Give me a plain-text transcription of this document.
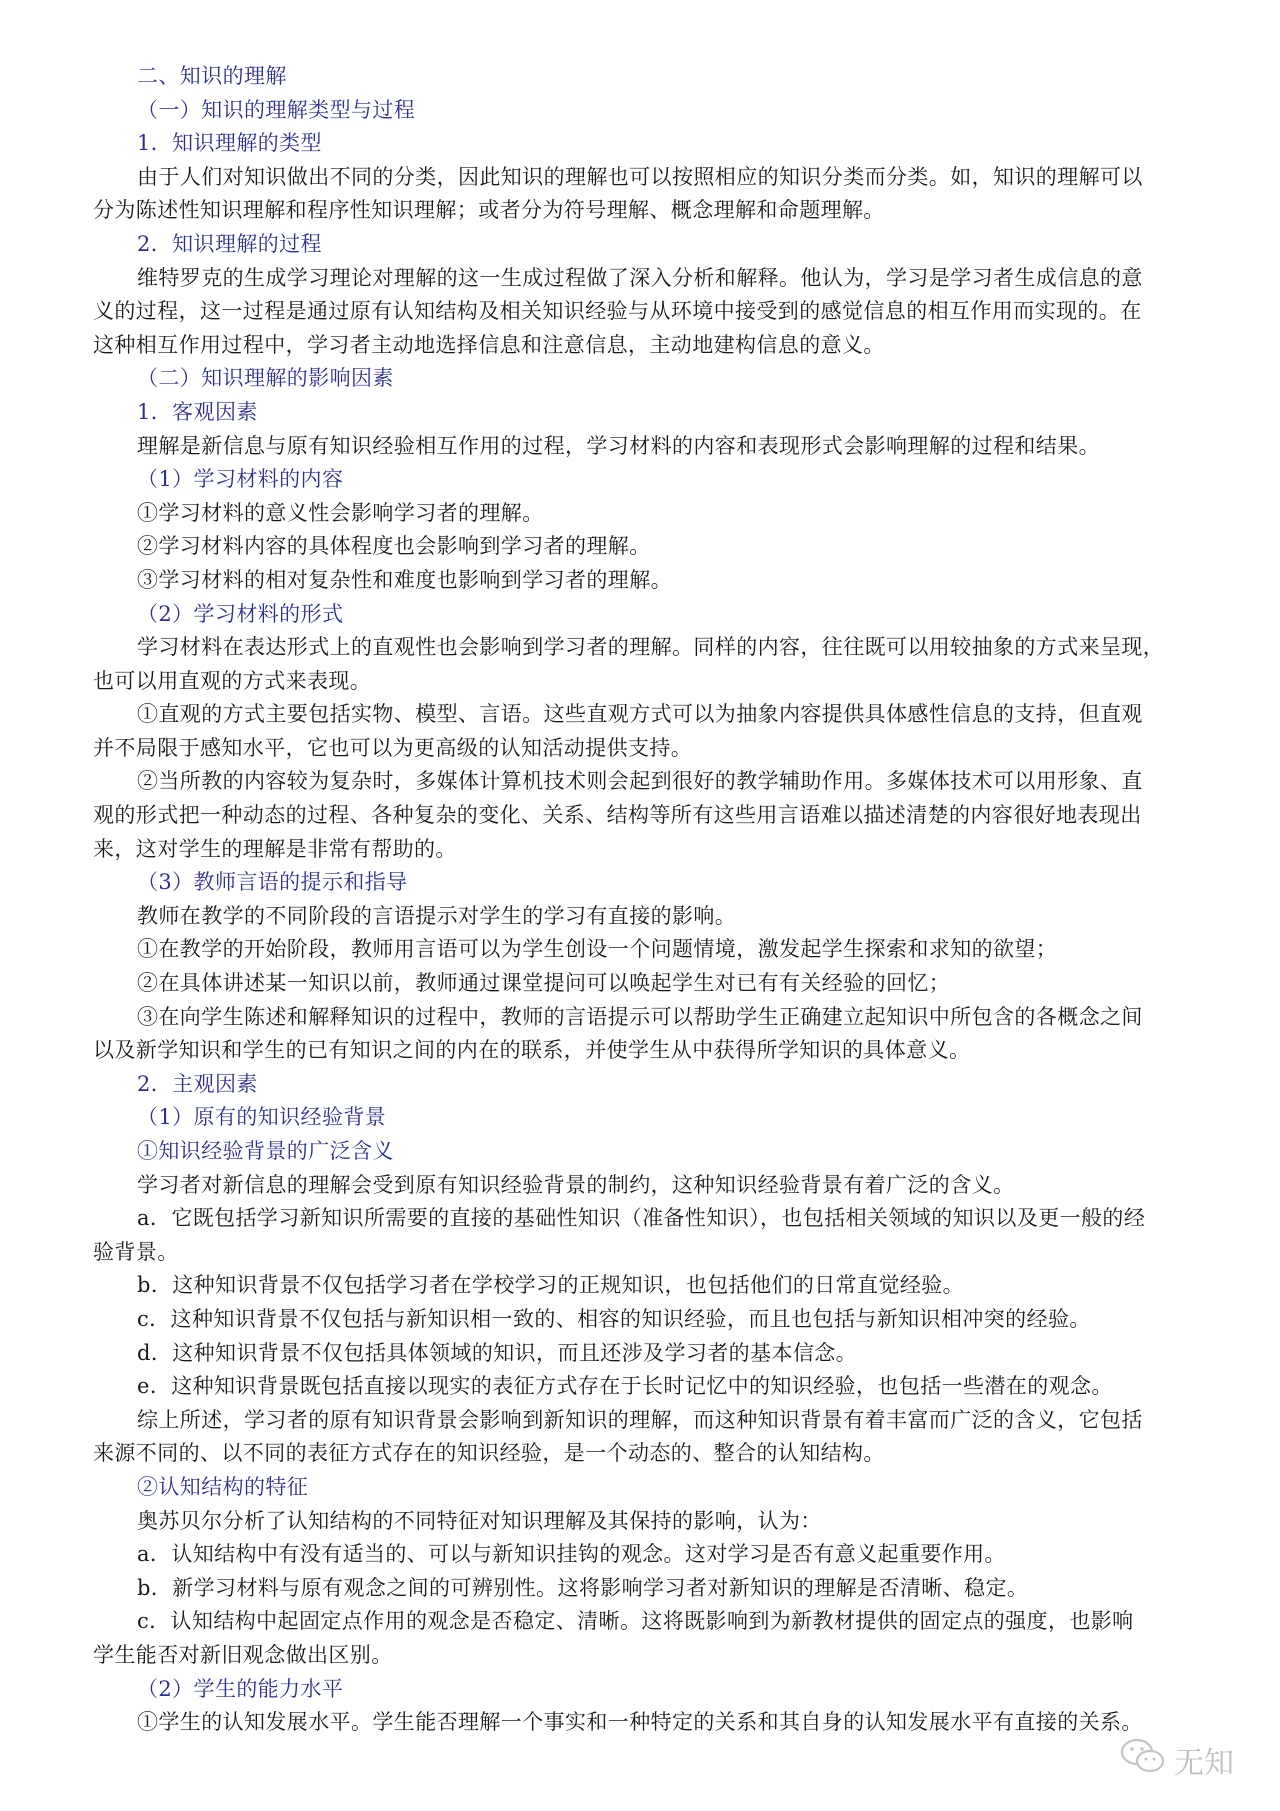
二、知识的理解
（一）知识的理解类型与过程
1．知识理解的类型
由于人们对知识做出不同的分类，因此知识的理解也可以按照相应的知识分类而分类。如，知识的理解可以
分为陈述性知识理解和程序性知识理解；或者分为符号理解、概念理解和命题理解。
2．知识理解的过程
维特罗克的生成学习理论对理解的这一生成过程做了深入分析和解释。他认为，学习是学习者生成信息的意
义的过程，这一过程是通过原有认知结构及相关知识经验与从环境中接受到的感觉信息的相互作用而实现的。在
这种相互作用过程中，学习者主动地选择信息和注意信息，主动地建构信息的意义。
（二）知识理解的影响因素
1．客观因素
理解是新信息与原有知识经验相互作用的过程，学习材料的内容和表现形式会影响理解的过程和结果。
（1）学习材料的内容
①学习材料的意义性会影响学习者的理解。
②学习材料内容的具体程度也会影响到学习者的理解。
③学习材料的相对复杂性和难度也影响到学习者的理解。
（2）学习材料的形式
学习材料在表达形式上的直观性也会影响到学习者的理解。同样的内容，往往既可以用较抽象的方式来呈现，
也可以用直观的方式来表现。
①直观的方式主要包括实物、模型、言语。这些直观方式可以为抽象内容提供具体感性信息的支持，但直观
并不局限于感知水平，它也可以为更高级的认知活动提供支持。
②当所教的内容较为复杂时，多媒体计算机技术则会起到很好的教学辅助作用。多媒体技术可以用形象、直
观的形式把一种动态的过程、各种复杂的变化、关系、结构等所有这些用言语难以描述清楚的内容很好地表现出
来，这对学生的理解是非常有帮助的。
（3）教师言语的提示和指导
教师在教学的不同阶段的言语提示对学生的学习有直接的影响。
①在教学的开始阶段，教师用言语可以为学生创设一个问题情境，激发起学生探索和求知的欲望；
②在具体讲述某一知识以前，教师通过课堂提问可以唤起学生对已有有关经验的回忆；
③在向学生陈述和解释知识的过程中，教师的言语提示可以帮助学生正确建立起知识中所包含的各概念之间
以及新学知识和学生的已有知识之间的内在的联系，并使学生从中获得所学知识的具体意义。
2．主观因素
（1）原有的知识经验背景
①知识经验背景的广泛含义
学习者对新信息的理解会受到原有知识经验背景的制约，这种知识经验背景有着广泛的含义。
a．它既包括学习新知识所需要的直接的基础性知识（准备性知识），也包括相关领域的知识以及更一般的经
验背景。
b．这种知识背景不仅包括学习者在学校学习的正规知识，也包括他们的日常直觉经验。
c．这种知识背景不仅包括与新知识相一致的、相容的知识经验，而且也包括与新知识相冲突的经验。
d．这种知识背景不仅包括具体领域的知识，而且还涉及学习者的基本信念。
e．这种知识背景既包括直接以现实的表征方式存在于长时记忆中的知识经验，也包括一些潜在的观念。
综上所述，学习者的原有知识背景会影响到新知识的理解，而这种知识背景有着丰富而广泛的含义，它包括
来源不同的、以不同的表征方式存在的知识经验，是一个动态的、整合的认知结构。
②认知结构的特征
奥苏贝尔分析了认知结构的不同特征对知识理解及其保持的影响，认为：
a．认知结构中有没有适当的、可以与新知识挂钩的观念。这对学习是否有意义起重要作用。
b．新学习材料与原有观念之间的可辨别性。这将影响学习者对新知识的理解是否清晰、稳定。
c．认知结构中起固定点作用的观念是否稳定、清晰。这将既影响到为新教材提供的固定点的强度，也影响
学生能否对新旧观念做出区别。
（2）学生的能力水平
①学生的认知发展水平。学生能否理解一个事实和一种特定的关系和其自身的认知发展水平有直接的关系。
无知
